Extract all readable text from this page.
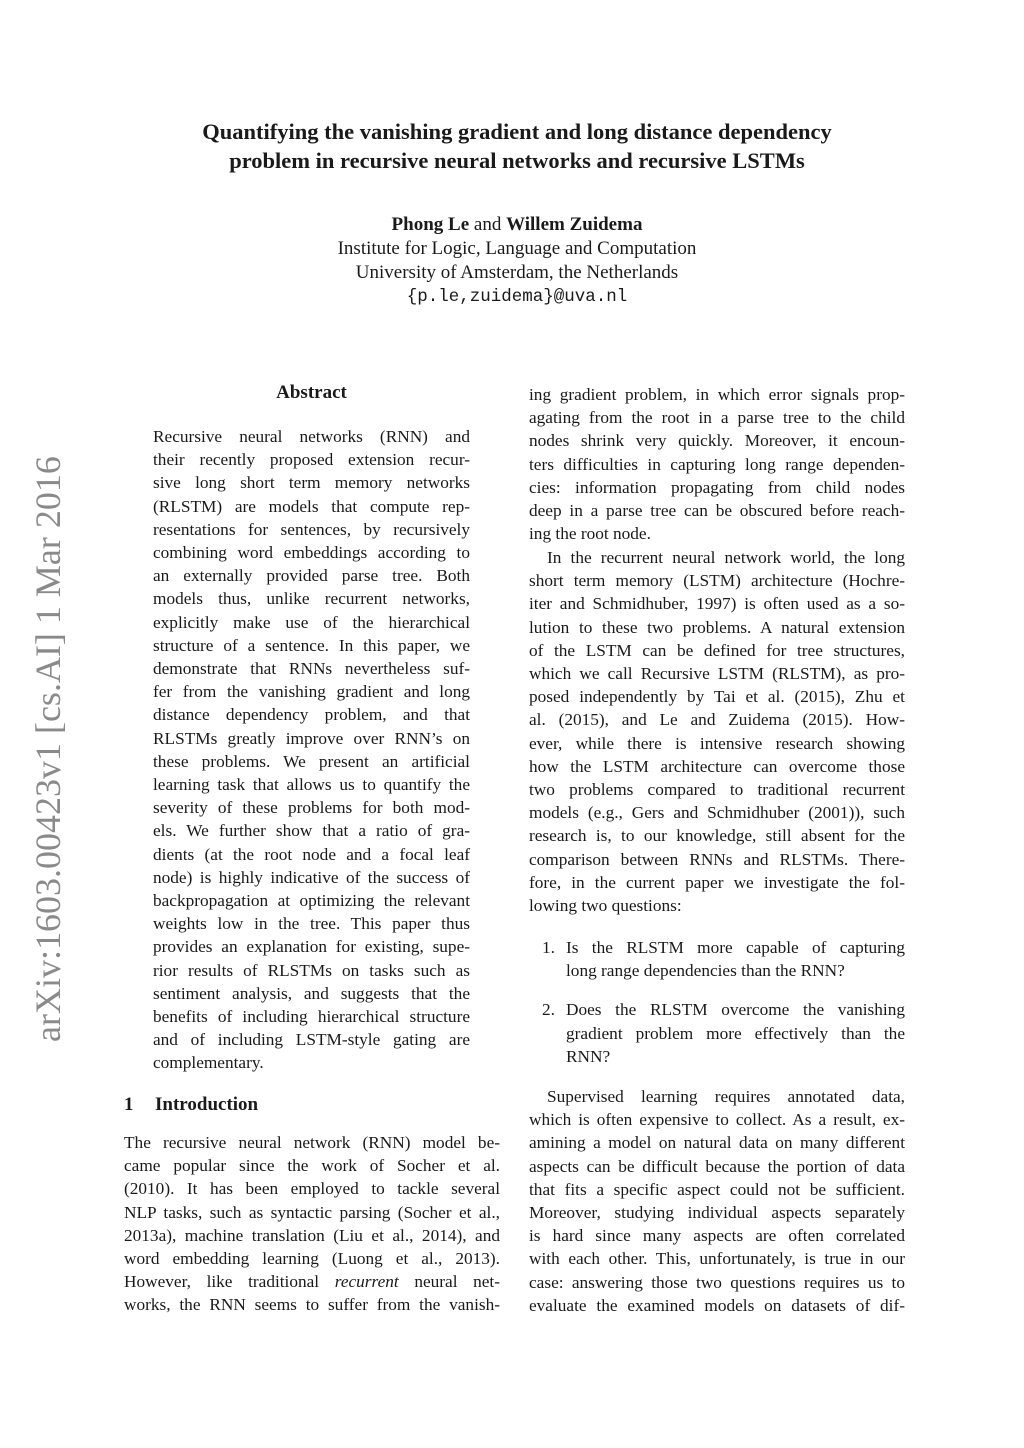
Quantifying the vanishing gradient and long distance dependency
problem in recursive neural networks and recursive LSTMs
Phong Le and Willem Zuidema
Institute for Logic, Language and Computation
University of Amsterdam, the Netherlands
{p.le,zuidema}@uva.nl
arXiv:1603.00423v1 [cs.AI] 1 Mar 2016
Abstract
Recursive neural networks (RNN) and
their recently proposed extension recur-
sive long short term memory networks
(RLSTM) are models that compute rep-
resentations for sentences, by recursively
combining word embeddings according to
an externally provided parse tree. Both
models thus, unlike recurrent networks,
explicitly make use of the hierarchical
structure of a sentence. In this paper, we
demonstrate that RNNs nevertheless suf-
fer from the vanishing gradient and long
distance dependency problem, and that
RLSTMs greatly improve over RNN’s on
these problems. We present an artificial
learning task that allows us to quantify the
severity of these problems for both mod-
els. We further show that a ratio of gra-
dients (at the root node and a focal leaf
node) is highly indicative of the success of
backpropagation at optimizing the relevant
weights low in the tree. This paper thus
provides an explanation for existing, supe-
rior results of RLSTMs on tasks such as
sentiment analysis, and suggests that the
benefits of including hierarchical structure
and of including LSTM-style gating are
complementary.
1 Introduction
The recursive neural network (RNN) model be-
came popular since the work of Socher et al.
(2010). It has been employed to tackle several
NLP tasks, such as syntactic parsing (Socher et al.,
2013a), machine translation (Liu et al., 2014), and
word embedding learning (Luong et al., 2013).
However, like traditional recurrent neural net-
works, the RNN seems to suffer from the vanish-
ing gradient problem, in which error signals prop-
agating from the root in a parse tree to the child
nodes shrink very quickly. Moreover, it encoun-
ters difficulties in capturing long range dependen-
cies: information propagating from child nodes
deep in a parse tree can be obscured before reach-
ing the root node.
In the recurrent neural network world, the long
short term memory (LSTM) architecture (Hochre-
iter and Schmidhuber, 1997) is often used as a so-
lution to these two problems. A natural extension
of the LSTM can be defined for tree structures,
which we call Recursive LSTM (RLSTM), as pro-
posed independently by Tai et al. (2015), Zhu et
al. (2015), and Le and Zuidema (2015). How-
ever, while there is intensive research showing
how the LSTM architecture can overcome those
two problems compared to traditional recurrent
models (e.g., Gers and Schmidhuber (2001)), such
research is, to our knowledge, still absent for the
comparison between RNNs and RLSTMs. There-
fore, in the current paper we investigate the fol-
lowing two questions:
1. Is the RLSTM more capable of capturing
long range dependencies than the RNN?
2. Does the RLSTM overcome the vanishing
gradient problem more effectively than the
RNN?
Supervised learning requires annotated data,
which is often expensive to collect. As a result, ex-
amining a model on natural data on many different
aspects can be difficult because the portion of data
that fits a specific aspect could not be sufficient.
Moreover, studying individual aspects separately
is hard since many aspects are often correlated
with each other. This, unfortunately, is true in our
case: answering those two questions requires us to
evaluate the examined models on datasets of dif-
